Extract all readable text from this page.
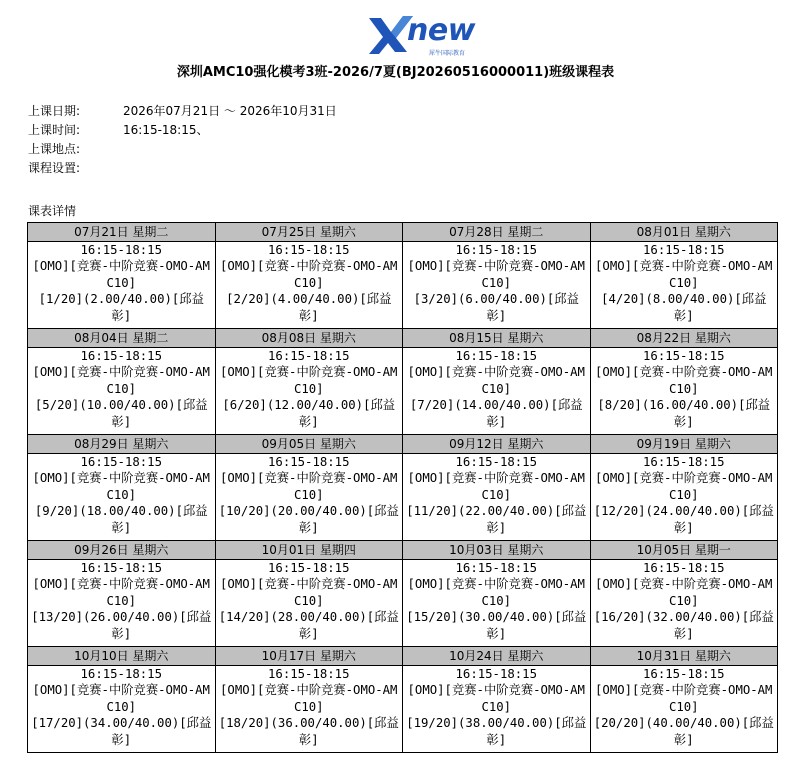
new
犀牛国际教育
深圳AMC10强化模考3班-2026/7夏(BJ20260516000011)班级课程表
上课日期:	2026年07月21日 ～ 2026年10月31日
上课时间:	16:15-18:15、
上课地点:
课程设置:
课表详情
07月21日 星期二	07月25日 星期六	07月28日 星期二	08月01日 星期六

16:15-18:15
[OMO][竞赛-中阶竞赛-OMO-AMC10]
[1/20](2.00/40.00)[邱益彰]	16:15-18:15
[OMO][竞赛-中阶竞赛-OMO-AMC10]
[2/20](4.00/40.00)[邱益彰]	16:15-18:15
[OMO][竞赛-中阶竞赛-OMO-AMC10]
[3/20](6.00/40.00)[邱益彰]	16:15-18:15
[OMO][竞赛-中阶竞赛-OMO-AMC10]
[4/20](8.00/40.00)[邱益彰]

08月04日 星期二	08月08日 星期六	08月15日 星期六	08月22日 星期六

16:15-18:15
[OMO][竞赛-中阶竞赛-OMO-AMC10]
[5/20](10.00/40.00)[邱益彰]	16:15-18:15
[OMO][竞赛-中阶竞赛-OMO-AMC10]
[6/20](12.00/40.00)[邱益彰]	16:15-18:15
[OMO][竞赛-中阶竞赛-OMO-AMC10]
[7/20](14.00/40.00)[邱益彰]	16:15-18:15
[OMO][竞赛-中阶竞赛-OMO-AMC10]
[8/20](16.00/40.00)[邱益彰]

08月29日 星期六	09月05日 星期六	09月12日 星期六	09月19日 星期六

16:15-18:15
[OMO][竞赛-中阶竞赛-OMO-AMC10]
[9/20](18.00/40.00)[邱益彰]	16:15-18:15
[OMO][竞赛-中阶竞赛-OMO-AMC10]
[10/20](20.00/40.00)[邱益彰]	16:15-18:15
[OMO][竞赛-中阶竞赛-OMO-AMC10]
[11/20](22.00/40.00)[邱益彰]	16:15-18:15
[OMO][竞赛-中阶竞赛-OMO-AMC10]
[12/20](24.00/40.00)[邱益彰]

09月26日 星期六	10月01日 星期四	10月03日 星期六	10月05日 星期一

16:15-18:15
[OMO][竞赛-中阶竞赛-OMO-AMC10]
[13/20](26.00/40.00)[邱益彰]	16:15-18:15
[OMO][竞赛-中阶竞赛-OMO-AMC10]
[14/20](28.00/40.00)[邱益彰]	16:15-18:15
[OMO][竞赛-中阶竞赛-OMO-AMC10]
[15/20](30.00/40.00)[邱益彰]	16:15-18:15
[OMO][竞赛-中阶竞赛-OMO-AMC10]
[16/20](32.00/40.00)[邱益彰]

10月10日 星期六	10月17日 星期六	10月24日 星期六	10月31日 星期六

16:15-18:15
[OMO][竞赛-中阶竞赛-OMO-AMC10]
[17/20](34.00/40.00)[邱益彰]	16:15-18:15
[OMO][竞赛-中阶竞赛-OMO-AMC10]
[18/20](36.00/40.00)[邱益彰]	16:15-18:15
[OMO][竞赛-中阶竞赛-OMO-AMC10]
[19/20](38.00/40.00)[邱益彰]	16:15-18:15
[OMO][竞赛-中阶竞赛-OMO-AMC10]
[20/20](40.00/40.00)[邱益彰]
